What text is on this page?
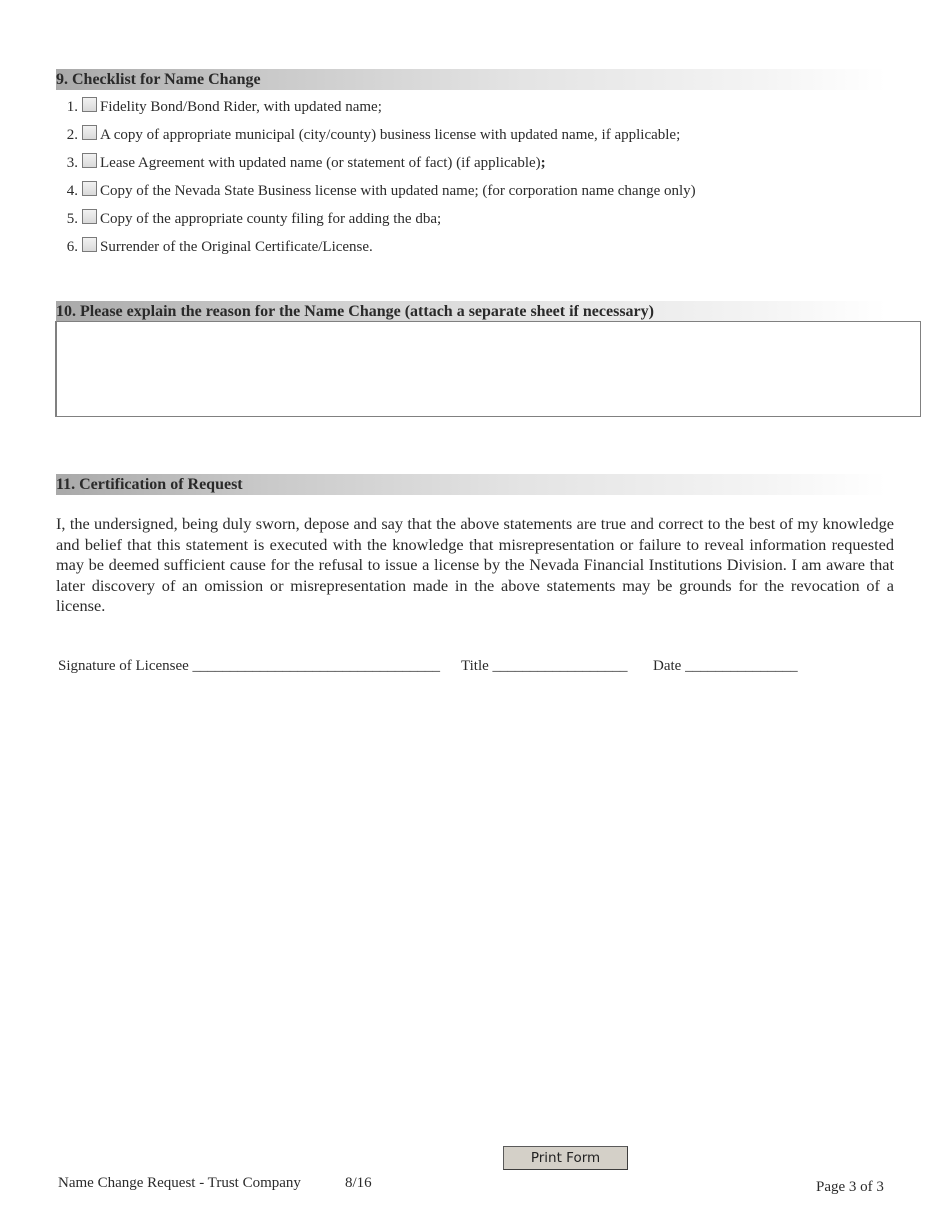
9. Checklist for Name Change
1. Fidelity Bond/Bond Rider, with updated name;
2. A copy of appropriate municipal (city/county) business license with updated name, if applicable;
3. Lease Agreement with updated name (or statement of fact) (if applicable);
4. Copy of the Nevada State Business license with updated name; (for corporation name change only)
5. Copy of the appropriate county filing for adding the dba;
6. Surrender of the Original Certificate/License.
10. Please explain the reason for the Name Change (attach a separate sheet if necessary)
11. Certification of Request

I, the undersigned, being duly sworn, depose and say that the above statements are true and correct to the best of my knowledge and belief that this statement is executed with the knowledge that misrepresentation or failure to reveal information requested may be deemed sufficient cause for the refusal to issue a license by the Nevada Financial Institutions Division. I am aware that later discovery of an omission or misrepresentation made in the above statements may be grounds for the revocation of a license.

Signature of Licensee _________________________________ Title __________________ Date _______________
Print Form
Name Change Request - Trust Company	8/16	Page 3 of 3
